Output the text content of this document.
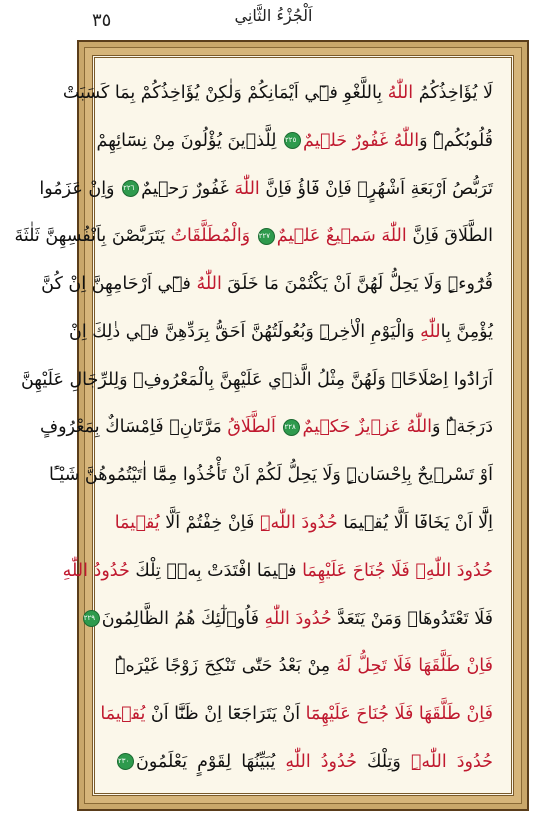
٣٥	اَلْجُزْءُ الثَّانِي
لَا يُؤَاخِذُكُمُ اللّٰهُ بِاللَّغْوِ ف۪ٓي اَيْمَانِكُمْ وَلٰكِنْ يُؤَاخِذُكُمْ بِمَا كَسَبَتْ
قُلُوبُكُمْۜ وَاللّٰهُ غَفُورٌ حَل۪يمٌ٢٢٥ لِلَّذ۪ينَ يُؤْلُونَ مِنْ نِسَٓائِهِمْ
تَرَبُّصُ اَرْبَعَةِ اَشْهُرٍۚ فَاِنْ فَٓاؤُ فَاِنَّ اللّٰهَ غَفُورٌ رَح۪يمٌ٢٢٦ وَاِنْ عَزَمُوا
الطَّلَاقَ فَاِنَّ اللّٰهَ سَم۪يعٌ عَل۪يمٌ٢٢٧ وَالْمُطَلَّقَاتُ يَتَرَبَّصْنَ بِاَنْفُسِهِنَّ ثَلٰثَةَ
قُرُٓوءٍۜ وَلَا يَحِلُّ لَهُنَّ اَنْ يَكْتُمْنَ مَا خَلَقَ اللّٰهُ ف۪ٓي اَرْحَامِهِنَّ اِنْ كُنَّ
يُؤْمِنَّ بِاللّٰهِ وَالْيَوْمِ الْاٰخِرِۜ وَبُعُولَتُهُنَّ اَحَقُّ بِرَدِّهِنَّ ف۪ي ذٰلِكَ اِنْ
اَرَادُٓوا اِصْلَاحًاۜ وَلَهُنَّ مِثْلُ الَّذ۪ي عَلَيْهِنَّ بِالْمَعْرُوفِۖ وَلِلرِّجَالِ عَلَيْهِنَّ
دَرَجَةٌۜ وَاللّٰهُ عَز۪يزٌ حَك۪يمٌ٢٢٨ اَلطَّلَاقُ مَرَّتَانِۖ فَاِمْسَاكٌ بِمَعْرُوفٍ
اَوْ تَسْر۪يحٌ بِاِحْسَانٍۜ وَلَا يَحِلُّ لَكُمْ اَنْ تَأْخُذُوا مِمَّٓا اٰتَيْتُمُوهُنَّ شَيْـًٔا
اِلَّٓا اَنْ يَخَافَٓا اَلَّا يُق۪يمَا حُدُودَ اللّٰهِۜ فَاِنْ خِفْتُمْ اَلَّا يُق۪يمَا
حُدُودَ اللّٰهِۙ فَلَا جُنَاحَ عَلَيْهِمَا ف۪يمَا افْتَدَتْ بِه۪ۜ تِلْكَ حُدُودُ اللّٰهِ
فَلَا تَعْتَدُوهَاۚ وَمَنْ يَتَعَدَّ حُدُودَ اللّٰهِ فَاُو۬لٰٓئِكَ هُمُ الظَّالِمُونَ٢٢٩
فَاِنْ طَلَّقَهَا فَلَا تَحِلُّ لَهُ مِنْ بَعْدُ حَتّٰى تَنْكِحَ زَوْجًا غَيْرَهُۜ
فَاِنْ طَلَّقَهَا فَلَا جُنَاحَ عَلَيْهِمَٓا اَنْ يَتَرَاجَعَٓا اِنْ ظَنَّٓا اَنْ يُق۪يمَا
حُدُودَ اللّٰهِۜ وَتِلْكَ حُدُودُ اللّٰهِ يُبَيِّنُهَا لِقَوْمٍ يَعْلَمُونَ٢٣٠
